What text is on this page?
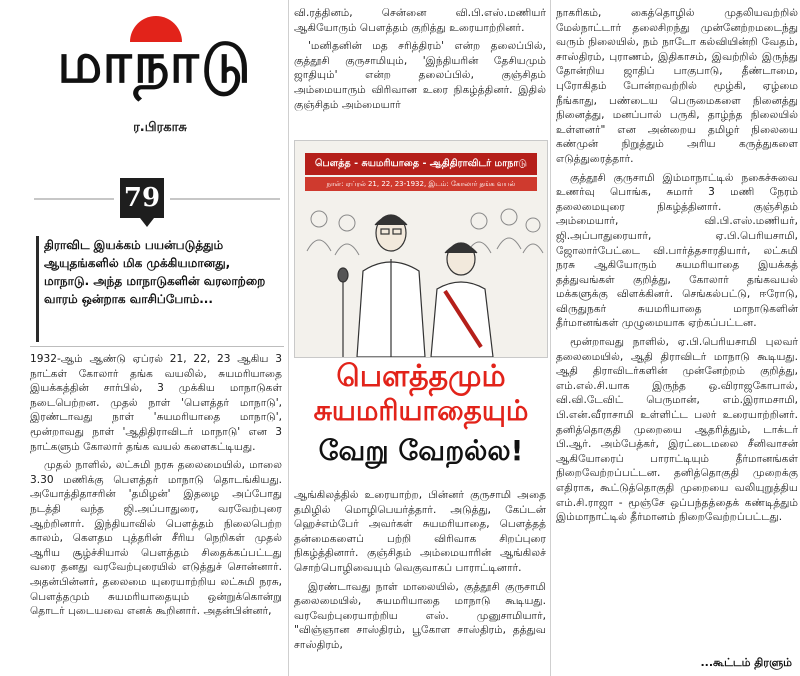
மாநாடு
ர.பிரகாசு
79
திராவிட இயக்கம் பயன்படுத்தும் ஆயுதங்களில் மிக முக்கியமானது, மாநாடு. அந்த மாநாடுகளின் வரலாற்றை வாரம் ஒன்றாக வாசிப்போம்...

1932-ஆம் ஆண்டு ஏப்ரல் 21, 22, 23 ஆகிய 3 நாட்கள் கோலார் தங்க வயலில், சுயமரியாதை இயக்கத்தின் சார்பில், 3 முக்கிய மாநாடுகள் நடைபெற்றன. முதல் நாள் 'பௌத்தர் மாநாடு', இரண்டாவது நாள் 'சுயமரியாதை மாநாடு', மூன்றாவது நாள் 'ஆதிதிராவிடர் மாநாடு' என 3 நாட்களும் கோலார் தங்க வயல் களைகட்டியது.

முதல் நாளில், லட்சுமி நரசு தலைமையில், மாலை 3.30 மணிக்கு பௌத்தர் மாநாடு தொடங்கியது. அயோத்திதாசரின் 'தமிழன்' இதழை அப்போது நடத்தி வந்த ஜி.அப்பாதுரை, வரவேற்புரை ஆற்றினார். இந்தியாவில் பௌத்தம் நிலைபெற்ற காலம், கௌதம புத்தரின் சீரிய நெறிகள் முதல் ஆரிய சூழ்ச்சியால் பௌத்தம் சிதைக்கப்பட்டது வரை தனது வரவேற்புரையில் எடுத்துச் சொன்னார். அதன்பின்னர், தலைமை யுரையாற்றிய லட்சுமி நரசு, பௌத்தமும் சுயமரியாதையும் ஒன்றுக்கொன்று தொடர் புடையவை எனக் கூறினார். அதன்பின்னர்,

வி.ரத்தினம், சென்னை வி.பி.எஸ்.மணியர் ஆகியோரும் பௌத்தம் குறித்து உரையாற்றினர்.

'மனிதனின் மத சரித்திரம்' என்ற தலைப்பில், குத்தூசி குருசாமியும், 'இந்தியரின் தேசியமும் ஜாதியும்' என்ற தலைப்பில், குஞ்சிதம் அம்மையாரும் விரிவான உரை நிகழ்த்தினர். இதில் குஞ்சிதம் அம்மையார்

பௌத்த - சுயமரியாதை - ஆதிதிராவிடர் மாநாடு
நாள்: ஏப்ரல் 21, 22, 23-1932, இடம்: கோலார் தங்க வயல்
பௌத்தமும்
சுயமரியாதையும்
வேறு வேறல்ல!

ஆங்கிலத்தில் உரையாற்ற, பின்னர் குருசாமி அதை தமிழில் மொழிபெயர்த்தார். அடுத்து, கேப்டன் ஹெச்எம்பேர் அவர்கள் சுயமரியாதை, பௌத்தத் தன்மைகளைப் பற்றி விரிவாக சிறப்புரை நிகழ்த்தினார். குஞ்சிதம் அம்மையாரின் ஆங்கிலச் சொற்பொழிவையும் வெகுவாகப் பாராட்டினார்.

இரண்டாவது நாள் மாலையில், குத்தூசி குருசாமி தலைமையில், சுயமரியாதை மாநாடு கூடியது. வரவேற்புரையாற்றிய எஸ். முனுசாமியார், "விஞ்ஞான சாஸ்திரம், பூகோள சாஸ்திரம், தத்துவ சாஸ்திரம்,

நாகரிகம், கைத்தொழில் முதலியவற்றில் மேல்நாட்டார் தலைசிறந்து முன்னேற்றமடைந்து வரும் நிலையில், நம் நாடோ கல்வியின்றி வேதம், சாஸ்திரம், புராணம், இதிகாசம், இவற்றில் இருந்து தோன்றிய ஜாதிப் பாகுபாடு, தீண்டாமை, புரோகிதம் போன்றவற்றில் மூழ்கி, ஏழ்மை நீங்காது, பண்டைய பெருமைகளை நினைத்து நினைத்து, மனப்பால் பருகி, தாழ்ந்த நிலையில் உள்ளனர்" என அன்றைய தமிழர் நிலையை கண்முன் நிறுத்தும் அரிய கருத்துகளை எடுத்துரைத்தார்.

குத்தூசி குருசாமி இம்மாநாட்டில் நகைச்சுவை உணர்வு பொங்க, சுமார் 3 மணி நேரம் தலைமையுரை நிகழ்த்தினார். குஞ்சிதம் அம்மையார், வி.பி.எஸ்.மணியர், ஜி.அப்பாதுரையார், ஏ.பி.பெரியசாமி, ஜோலார்பேட்டை வி.பார்த்தசாரதியார், லட்சுமி நரசு ஆகியோரும் சுயமரியாதை இயக்கத் தத்துவங்கள் குறித்து, கோலார் தங்கவயல் மக்களுக்கு விளக்கினர். செங்கல்பட்டு, ஈரோடு, விருதுநகர் சுயமரியாதை மாநாடுகளின் தீர்மானங்கள் முழுமையாக ஏற்கப்பட்டன.

மூன்றாவது நாளில், ஏ.பி.பெரியசாமி புலவர் தலைமையில், ஆதி திராவிடர் மாநாடு கூடியது. ஆதி திராவிடர்களின் முன்னேற்றம் குறித்து, எம்.எல்.சி.யாக இருந்த ஒ.விராஜகோபால், வி.வி.டேவிட் பெருமான், எம்.இராமசாமி, பி.என்.வீராசாமி உள்ளிட்ட பலர் உரையாற்றினர். தனித்தொகுதி முறையை ஆதரித்தும், டாக்டர் பி.ஆர். அம்பேத்கர், இரட்டைமலை சீனிவாசன் ஆகியோரைப் பாராட்டியும் தீர்மானங்கள் நிறைவேற்றப்பட்டன. தனித்தொகுதி முறைக்கு எதிராக, கூட்டுத்தொகுதி முறையை வலியுறுத்திய எம்.சி.ராஜா - மூஞ்சே ஒப்பந்தத்தைக் கண்டித்தும் இம்மாநாட்டில் தீர்மானம் நிறைவேற்றப்பட்டது.

...கூட்டம் திரளும்
